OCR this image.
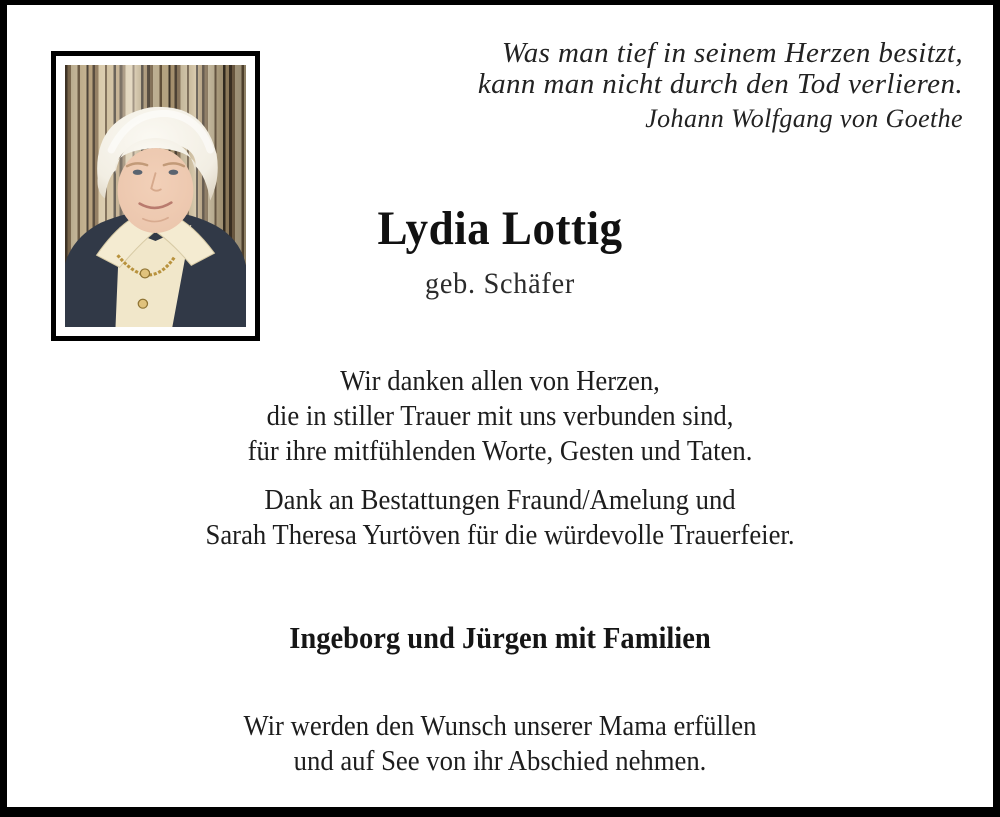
Was man tief in seinem Herzen besitzt,
kann man nicht durch den Tod verlieren.
Johann Wolfgang von Goethe
Lydia Lottig
geb. Schäfer
Wir danken allen von Herzen,
die in stiller Trauer mit uns verbunden sind,
für ihre mitfühlenden Worte, Gesten und Taten.
Dank an Bestattungen Fraund/Amelung und
Sarah Theresa Yurtöven für die würdevolle Trauerfeier.
Ingeborg und Jürgen mit Familien
Wir werden den Wunsch unserer Mama erfüllen
und auf See von ihr Abschied nehmen.
